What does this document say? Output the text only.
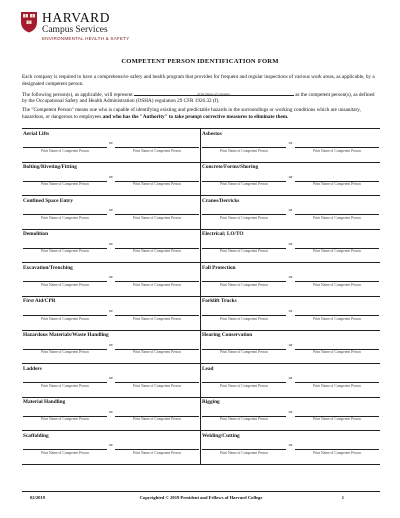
HARVARD
Campus Services
ENVIRONMENTAL HEALTH & SAFETY
COMPETENT PERSON IDENTIFICATION FORM

Each company is required to have a comprehensive safety and health program that provides for frequent and regular inspections of various work areas, as applicable, by a designated competent person.

The following person(s), as applicable, will represent	Print Name of Company	as the competent person(s), as defined by the Occupational Safety and Health Administration (OSHA) regulation 29 CFR 1926.32 (f).

The "Competent Person" means one who is capable of identifying existing and predictable hazards in the surroundings or working conditions which are unsanitary, hazardous, or dangerous to employees and who has the "Authority" to take prompt corrective measures to eliminate them.

Aerial Lifts
or
Print Name of Competent Person	Print Name of Competent Person
Asbestos
or
Print Name of Competent Person	Print Name of Competent Person
Bolting/Riveting/Fitting
or
Print Name of Competent Person	Print Name of Competent Person
Concrete/Forms/Shoring
or
Print Name of Competent Person	Print Name of Competent Person
Confined Space Entry
or
Print Name of Competent Person	Print Name of Competent Person
Cranes/Derricks
or
Print Name of Competent Person	Print Name of Competent Person
Demolition
or
Print Name of Competent Person	Print Name of Competent Person
Electrical; LO/TO
or
Print Name of Competent Person	Print Name of Competent Person
Excavation/Trenching
or
Print Name of Competent Person	Print Name of Competent Person
Fall Protection
or
Print Name of Competent Person	Print Name of Competent Person
First Aid/CPR
or
Print Name of Competent Person	Print Name of Competent Person
Forklift Trucks
or
Print Name of Competent Person	Print Name of Competent Person
Hazardous Materials/Waste Handling
or
Print Name of Competent Person	Print Name of Competent Person
Hearing Conservation
or
Print Name of Competent Person	Print Name of Competent Person
Ladders
or
Print Name of Competent Person	Print Name of Competent Person
Lead
or
Print Name of Competent Person	Print Name of Competent Person
Material Handling
or
Print Name of Competent Person	Print Name of Competent Person
Rigging
or
Print Name of Competent Person	Print Name of Competent Person
Scaffolding
or
Print Name of Competent Person	Print Name of Competent Person
Welding/Cutting
or
Print Name of Competent Person	Print Name of Competent Person
02/2019	Copyrighted © 2019 President and Fellows of Harvard College	1
